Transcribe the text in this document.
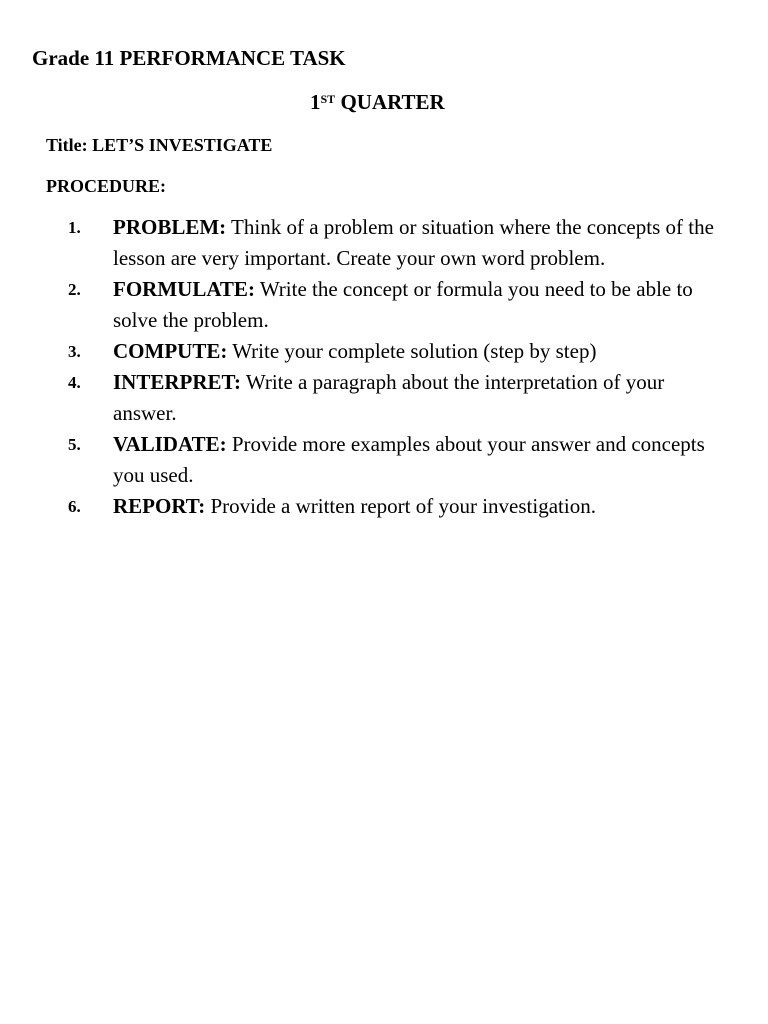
Grade 11 PERFORMANCE TASK
1ST QUARTER
Title: LET’S INVESTIGATE
PROCEDURE:
1. PROBLEM: Think of a problem or situation where the concepts of the lesson are very important. Create your own word problem.
2. FORMULATE: Write the concept or formula you need to be able to solve the problem.
3. COMPUTE: Write your complete solution (step by step)
4. INTERPRET: Write a paragraph about the interpretation of your answer.
5. VALIDATE: Provide more examples about your answer and concepts you used.
6. REPORT: Provide a written report of your investigation.
